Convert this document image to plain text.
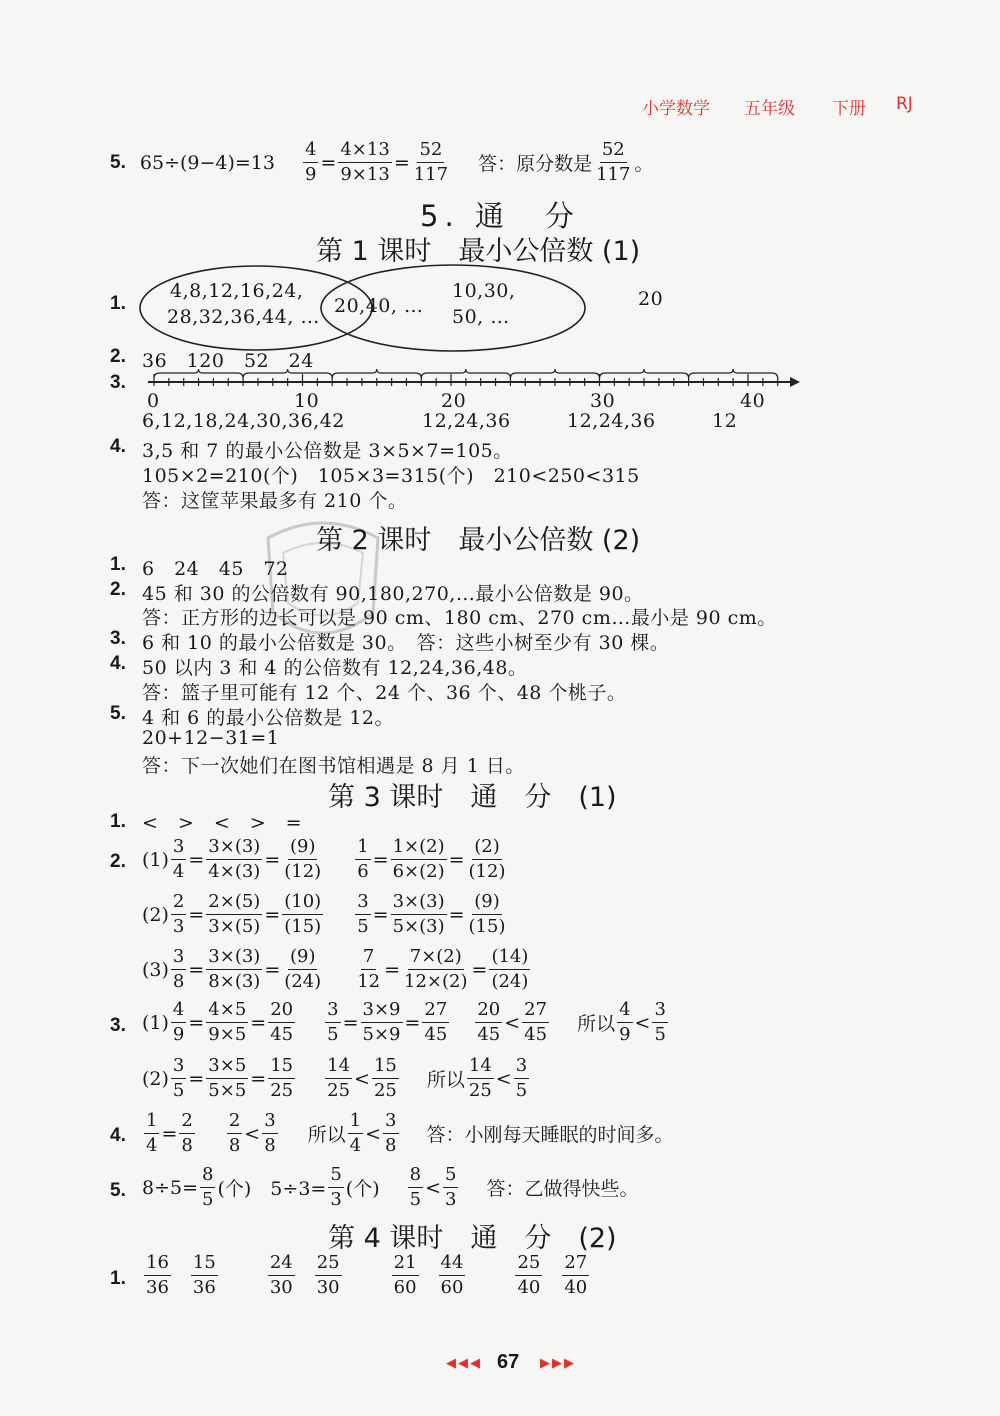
小学数学 五年级 下册 RJ
5. $65\div(9-4)=13 \frac{4}{9} = \frac{4\times 13}{9\times 13} = \frac{52}{117}$ 答：原分数是 $\frac{52}{117}$ 。
5. 通　分
第 1 课时　最小公倍数 (1)
1.
4,8,12,16,24,
28,32,36,44, … 20,40, …
10,30,
50, …
20
2. 36　120　52　24
3.
0	10	20	30	40
6,12,18,24,30,36,42	12,24,36	12,24,36	12
4. 3,5 和 7 的最小公倍数是 3×5×7=105。
105×2=210(个)　105×3=315(个)　210<250<315
答：这筐苹果最多有 210 个。
第 2 课时　最小公倍数 (2)
1. 6　24　45　72
2. 45 和 30 的公倍数有 90,180,270,…最小公倍数是 90。
答：正方形的边长可以是 90 cm、180 cm、270 cm…最小是 90 cm。
3. 6 和 10 的最小公倍数是 30。　答：这些小树至少有 30 棵。
4. 50 以内 3 和 4 的公倍数有 12,24,36,48。
答：篮子里可能有 12 个、24 个、36 个、48 个桃子。
5. 4 和 6 的最小公倍数是 12。
20+12−31=1
答：下一次她们在图书馆相遇是 8 月 1 日。
第 3 课时　通　分　(1)
1. <　>　<　>　=
2. $(1) \frac{3}{4} = \frac{3\times(3)}{4\times(3)} = \frac{(9)}{(12)} \frac{1}{6} = \frac{1\times(2)}{6\times(2)} = \frac{(2)}{(12)}$
$(2) \frac{2}{3} = \frac{2\times(5)}{3\times(5)} = \frac{(10)}{(15)} \frac{3}{5} = \frac{3\times(3)}{5\times(3)} = \frac{(9)}{(15)}$
$(3) \frac{3}{8} = \frac{3\times(3)}{8\times(3)} = \frac{(9)}{(24)} \frac{7}{12} = \frac{7\times(2)}{12\times(2)} = \frac{(14)}{(24)}$
3. $(1) \frac{4}{9} = \frac{4\times 5}{9\times 5} = \frac{20}{45} \frac{3}{5} = \frac{3\times 9}{5\times 9} = \frac{27}{45} \frac{20}{45} < \frac{27}{45}$ 所以 $\frac{4}{9} < \frac{3}{5}$
$(2) \frac{3}{5} = \frac{3\times 5}{5\times 5} = \frac{15}{25} \frac{14}{25} < \frac{15}{25}$ 所以 $\frac{14}{25} < \frac{3}{5}$
4. $\frac{1}{4} = \frac{2}{8} \frac{2}{8} < \frac{3}{8}$ 所以 $\frac{1}{4} < \frac{3}{8}$ 答：小刚每天睡眠的时间多。
5. $8\div 5= \frac{8}{5}$ (个)　$5\div 3= \frac{5}{3}$ (个) $\frac{8}{5} < \frac{5}{3}$ 答：乙做得快些。
第 4 课时　通　分　(2)
1. $\frac{16}{36} \frac{15}{36}$	$\frac{24}{30} \frac{25}{30}$	$\frac{21}{60} \frac{44}{60}$	$\frac{25}{40} \frac{27}{40}$
◀◀◀ 67 ▶▶▶
